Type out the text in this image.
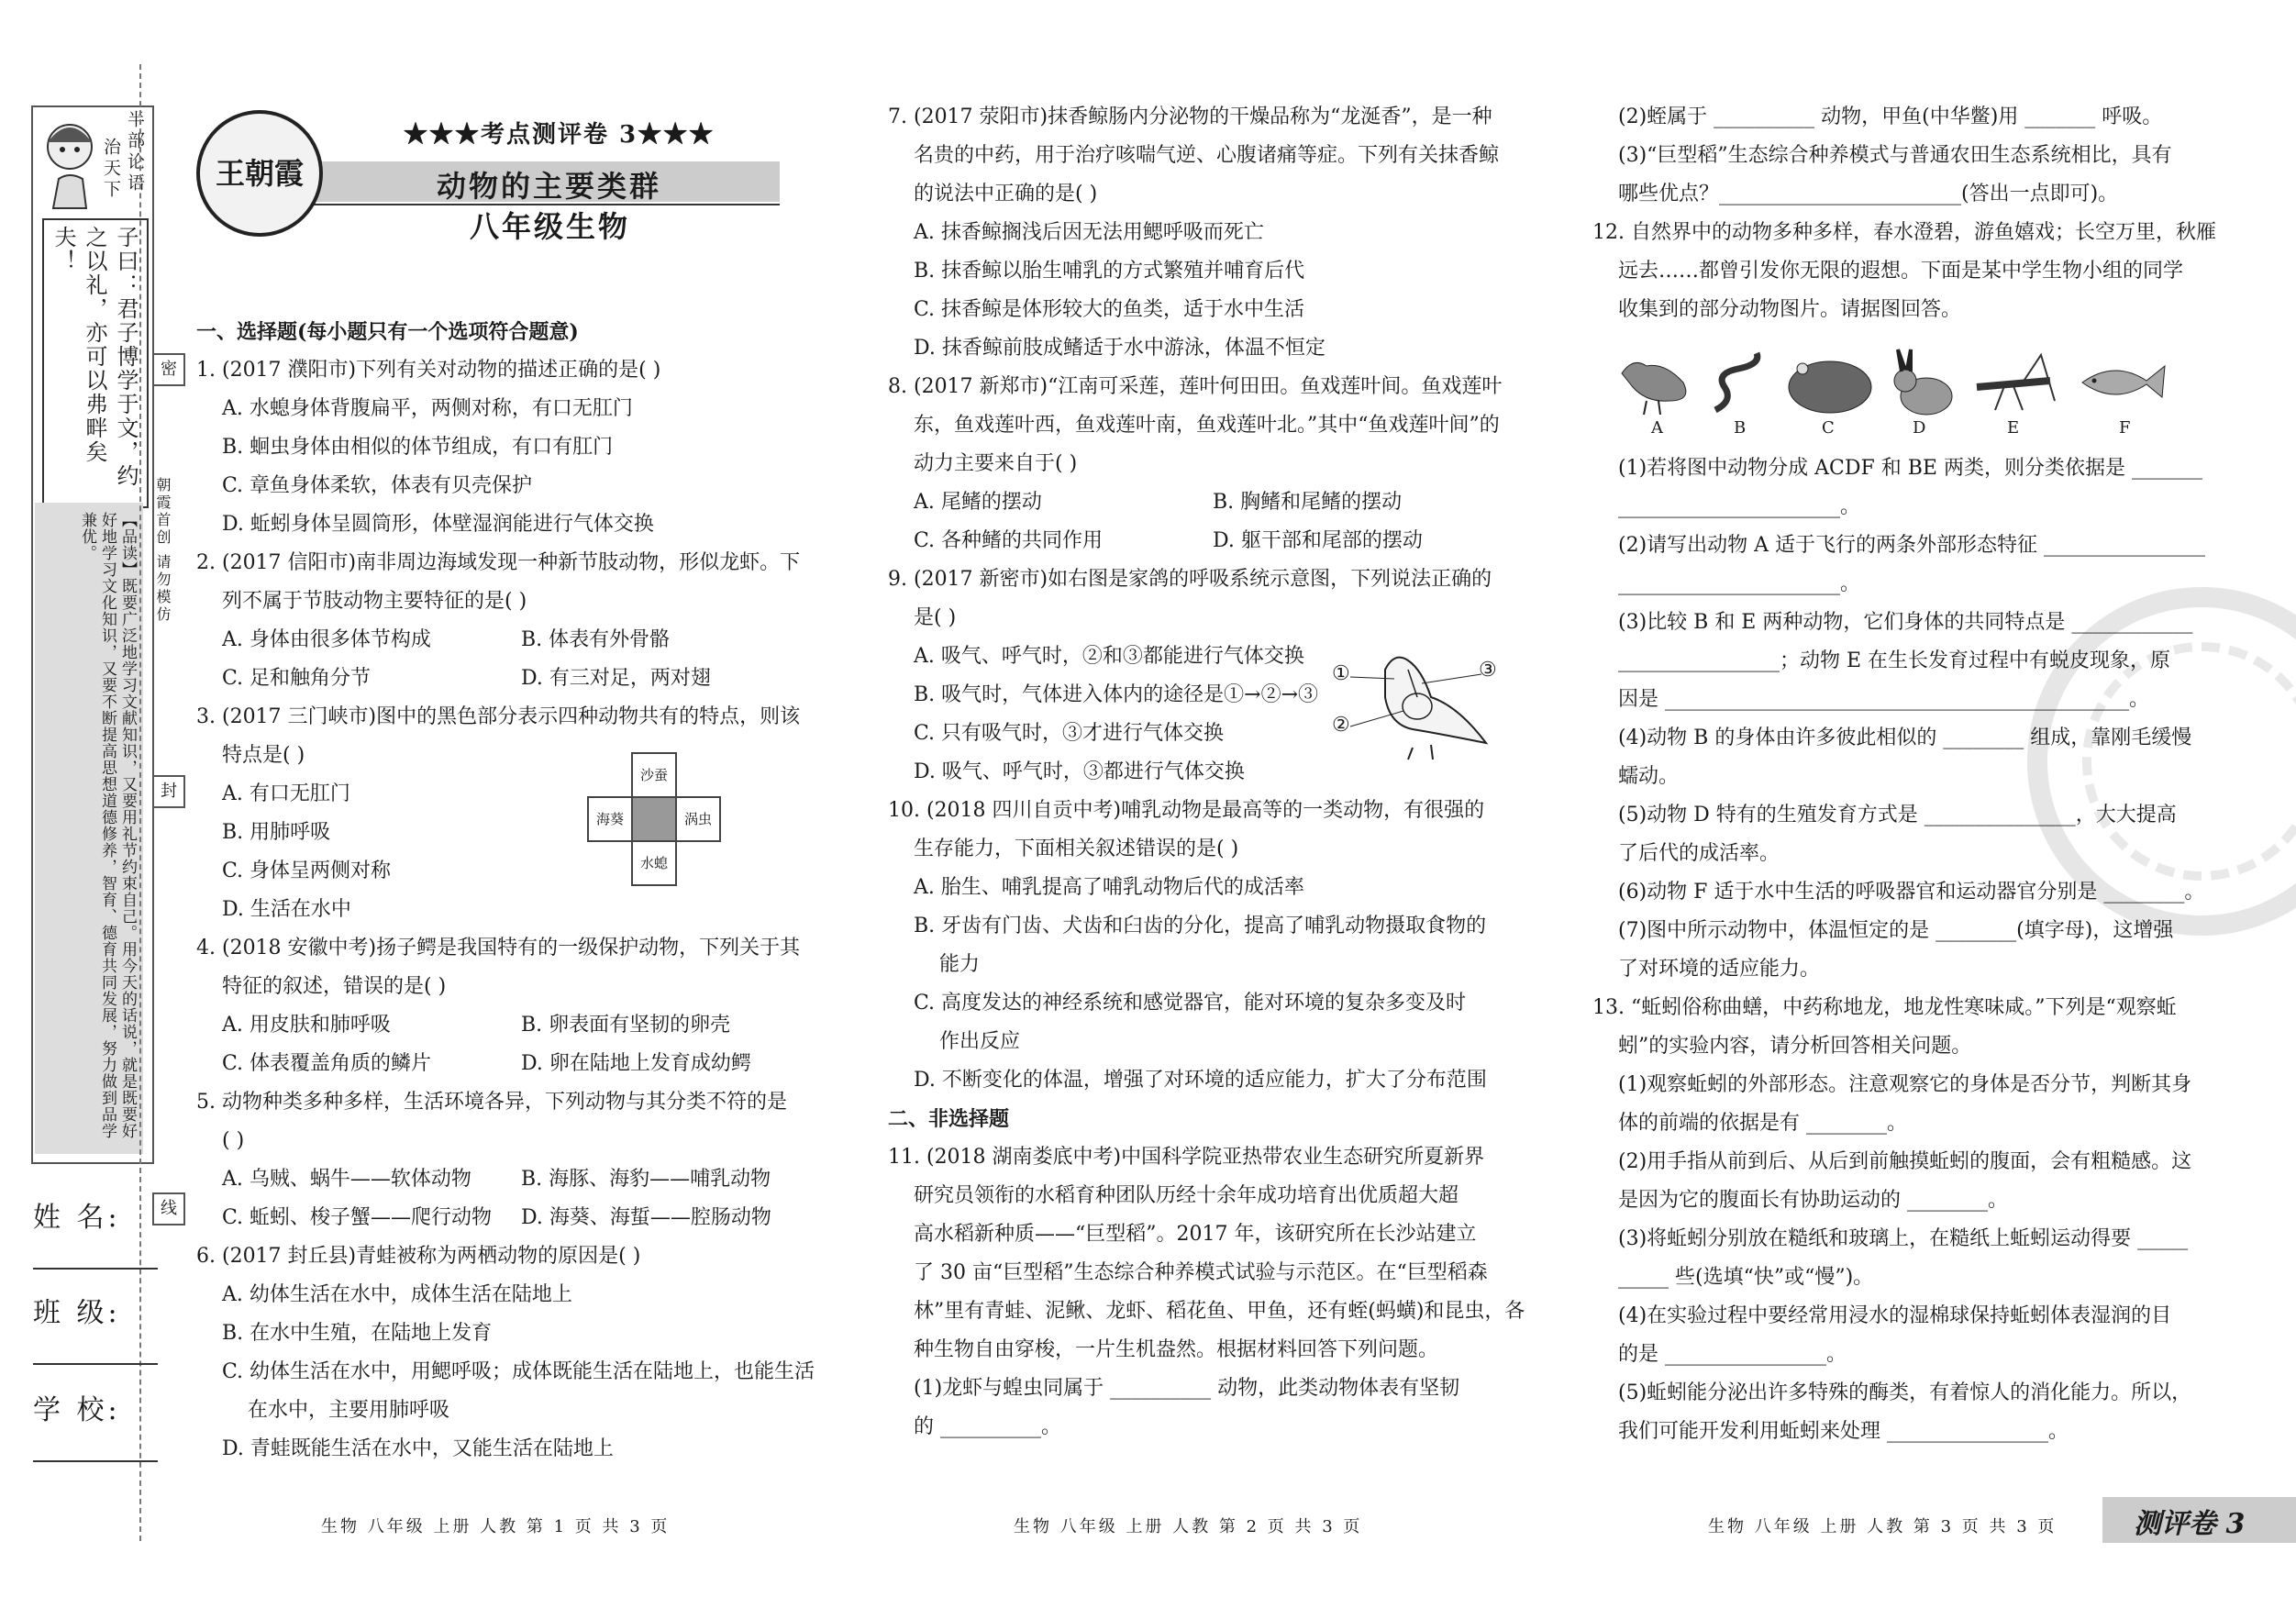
半部论语
治天下
子曰：君子博学于文，约之以礼，亦可以弗畔矣夫！
【品读】既要广泛地学习文献知识，又要用礼节约束自己。用今天的话说，就是既要好好地学习文化知识，又要不断提高思想道德修养，智育、德育共同发展，努力做到品学兼优。
密
封
线
朝霞首创 请勿模仿
姓 名:
班 级:
学 校:
王朝霞
★★★考点测评卷 3★★★
动物的主要类群
八年级生物
一、选择题(每小题只有一个选项符合题意)
1. (2017 濮阳市)下列有关对动物的描述正确的是( )
A. 水螅身体背腹扁平，两侧对称，有口无肛门
B. 蛔虫身体由相似的体节组成，有口有肛门
C. 章鱼身体柔软，体表有贝壳保护
D. 蚯蚓身体呈圆筒形，体壁湿润能进行气体交换
2. (2017 信阳市)南非周边海域发现一种新节肢动物，形似龙虾。下
列不属于节肢动物主要特征的是( )
A. 身体由很多体节构成	B. 体表有外骨骼
C. 足和触角分节	D. 有三对足，两对翅
3. (2017 三门峡市)图中的黑色部分表示四种动物共有的特点，则该
特点是( )
A. 有口无肛门
B. 用肺呼吸
C. 身体呈两侧对称
D. 生活在水中
4. (2018 安徽中考)扬子鳄是我国特有的一级保护动物，下列关于其
特征的叙述，错误的是( )
A. 用皮肤和肺呼吸	B. 卵表面有坚韧的卵壳
C. 体表覆盖角质的鳞片	D. 卵在陆地上发育成幼鳄
5. 动物种类多种多样，生活环境各异，下列动物与其分类不符的是
( )
A. 乌贼、蜗牛——软体动物	B. 海豚、海豹——哺乳动物
C. 蚯蚓、梭子蟹——爬行动物	D. 海葵、海蜇——腔肠动物
6. (2017 封丘县)青蛙被称为两栖动物的原因是( )
A. 幼体生活在水中，成体生活在陆地上
B. 在水中生殖，在陆地上发育
C. 幼体生活在水中，用鳃呼吸；成体既能生活在陆地上，也能生活
在水中，主要用肺呼吸
D. 青蛙既能生活在水中，又能生活在陆地上
沙蚕
海葵	涡虫
水螅
7. (2017 荥阳市)抹香鲸肠内分泌物的干燥品称为“龙涎香”，是一种
名贵的中药，用于治疗咳喘气逆、心腹诸痛等症。下列有关抹香鲸
的说法中正确的是( )
A. 抹香鲸搁浅后因无法用鳃呼吸而死亡
B. 抹香鲸以胎生哺乳的方式繁殖并哺育后代
C. 抹香鲸是体形较大的鱼类，适于水中生活
D. 抹香鲸前肢成鳍适于水中游泳，体温不恒定
8. (2017 新郑市)“江南可采莲，莲叶何田田。鱼戏莲叶间。鱼戏莲叶
东，鱼戏莲叶西，鱼戏莲叶南，鱼戏莲叶北。”其中“鱼戏莲叶间”的
动力主要来自于( )
A. 尾鳍的摆动	B. 胸鳍和尾鳍的摆动
C. 各种鳍的共同作用	D. 躯干部和尾部的摆动
9. (2017 新密市)如右图是家鸽的呼吸系统示意图，下列说法正确的
是( )
A. 吸气、呼气时，②和③都能进行气体交换
B. 吸气时，气体进入体内的途径是①→②→③
C. 只有吸气时，③才进行气体交换
D. 吸气、呼气时，③都进行气体交换
10. (2018 四川自贡中考)哺乳动物是最高等的一类动物，有很强的
生存能力，下面相关叙述错误的是( )
A. 胎生、哺乳提高了哺乳动物后代的成活率
B. 牙齿有门齿、犬齿和臼齿的分化，提高了哺乳动物摄取食物的
能力
C. 高度发达的神经系统和感觉器官，能对环境的复杂多变及时
作出反应
D. 不断变化的体温，增强了对环境的适应能力，扩大了分布范围
二、非选择题
11. (2018 湖南娄底中考)中国科学院亚热带农业生态研究所夏新界
研究员领衔的水稻育种团队历经十余年成功培育出优质超大超
高水稻新种质——“巨型稻”。2017 年，该研究所在长沙站建立
了 30 亩“巨型稻”生态综合种养模式试验与示范区。在“巨型稻森
林”里有青蛙、泥鳅、龙虾、稻花鱼、甲鱼，还有蛭(蚂蟥)和昆虫，各
种生物自由穿梭，一片生机盎然。根据材料回答下列问题。
(1)龙虾与蝗虫同属于 __________ 动物，此类动物体表有坚韧
的 __________。
①
②
③
(2)蛭属于 __________ 动物，甲鱼(中华鳖)用 _______ 呼吸。
(3)“巨型稻”生态综合种养模式与普通农田生态系统相比，具有
哪些优点？________________________(答出一点即可)。
12. 自然界中的动物多种多样，春水澄碧，游鱼嬉戏；长空万里，秋雁
远去……都曾引发你无限的遐想。下面是某中学生物小组的同学
收集到的部分动物图片。请据图回答。
A	B	C	D	E	F
(1)若将图中动物分成 ACDF 和 BE 两类，则分类依据是 _______
______________________。
(2)请写出动物 A 适于飞行的两条外部形态特征 ________________
______________________。
(3)比较 B 和 E 两种动物，它们身体的共同特点是 ____________
________________；动物 E 在生长发育过程中有蜕皮现象，原
因是 ______________________________________________。
(4)动物 B 的身体由许多彼此相似的 ________ 组成，靠刚毛缓慢
蠕动。
(5)动物 D 特有的生殖发育方式是 _______________，大大提高
了后代的成活率。
(6)动物 F 适于水中生活的呼吸器官和运动器官分别是 ________。
(7)图中所示动物中，体温恒定的是 ________(填字母)，这增强
了对环境的适应能力。
13. “蚯蚓俗称曲蟮，中药称地龙，地龙性寒味咸。”下列是“观察蚯
蚓”的实验内容，请分析回答相关问题。
(1)观察蚯蚓的外部形态。注意观察它的身体是否分节，判断其身
体的前端的依据是有 ________。
(2)用手指从前到后、从后到前触摸蚯蚓的腹面，会有粗糙感。这
是因为它的腹面长有协助运动的 ________。
(3)将蚯蚓分别放在糙纸和玻璃上，在糙纸上蚯蚓运动得要 _____
_____ 些(选填“快”或“慢”)。
(4)在实验过程中要经常用浸水的湿棉球保持蚯蚓体表湿润的目
的是 ________________。
(5)蚯蚓能分泌出许多特殊的酶类，有着惊人的消化能力。所以，
我们可能开发利用蚯蚓来处理 ________________。
生物 八年级 上册 人教 第 1 页 共 3 页	生物 八年级 上册 人教 第 2 页 共 3 页	生物 八年级 上册 人教 第 3 页 共 3 页	测评卷 3
